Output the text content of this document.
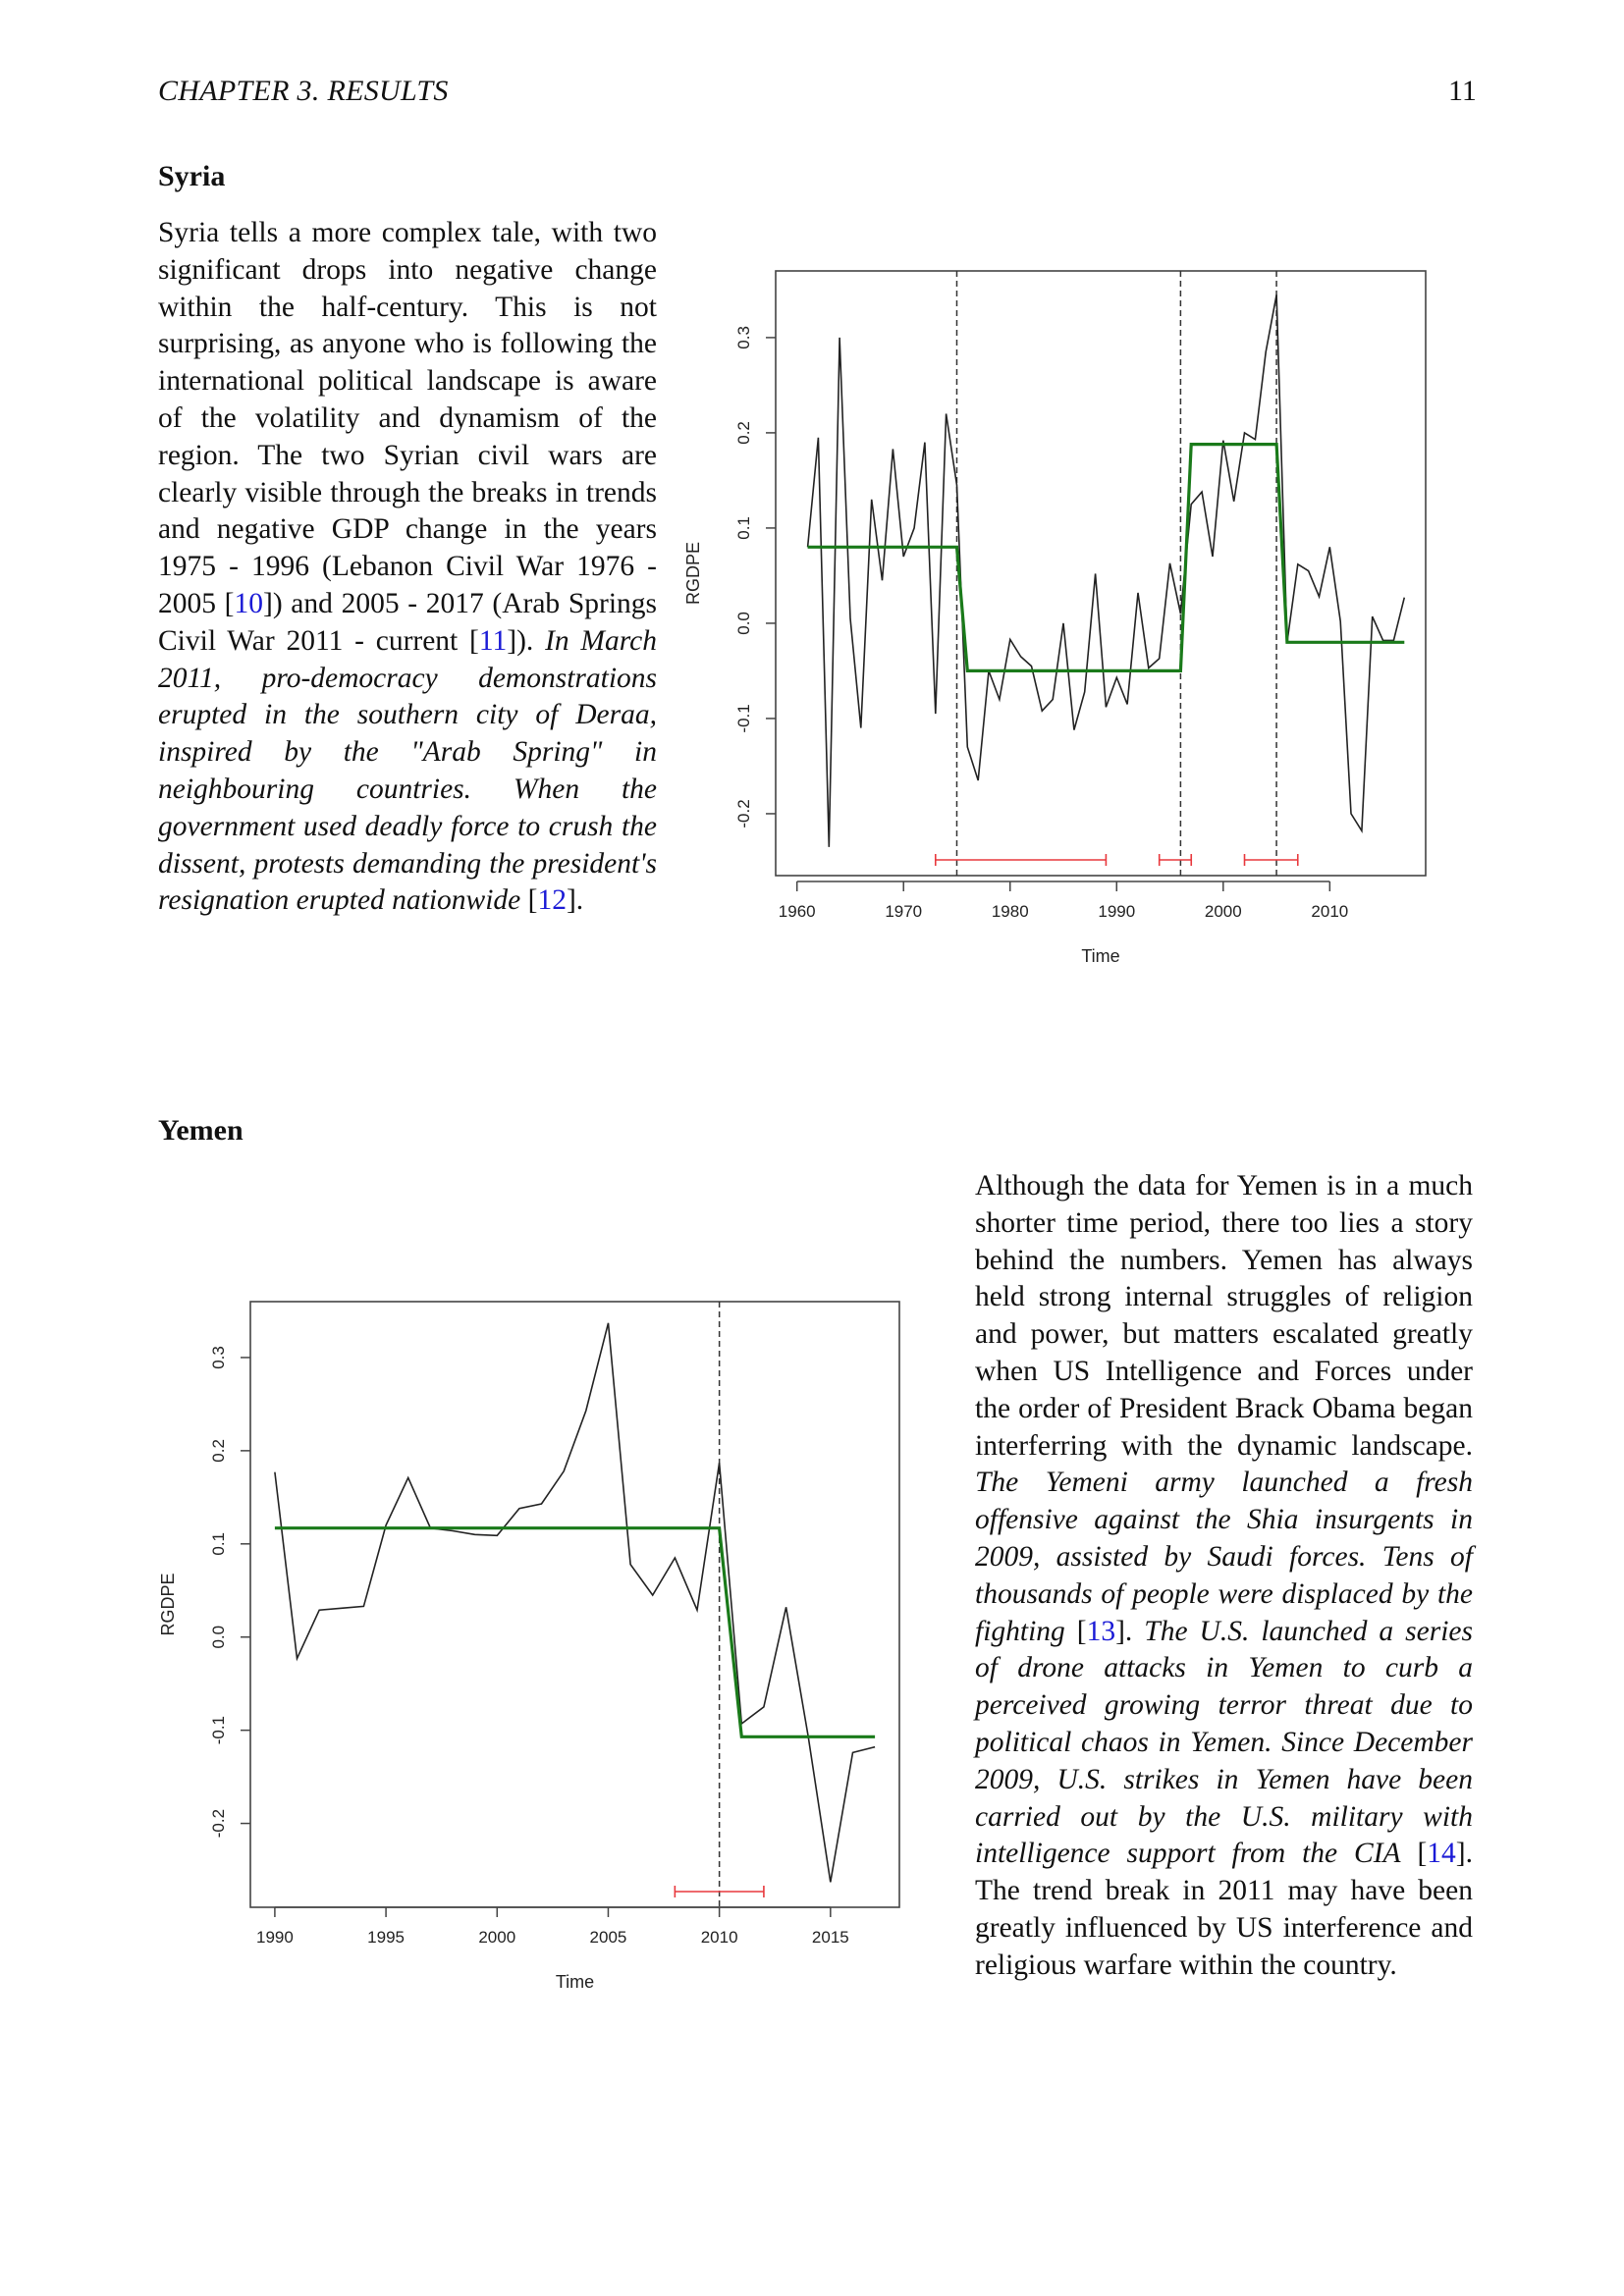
CHAPTER 3. RESULTS	11
Syria
Syria tells a more complex tale, with two significant drops into negative change within the half-century. This is not surprising, as anyone who is following the international political landscape is aware of the volatility and dynamism of the region. The two Syrian civil wars are clearly visible through the breaks in trends and negative GDP change in the years 1975 - 1996 (Lebanon Civil War 1976 - 2005 [10]) and 2005 - 2017 (Arab Springs Civil War 2011 - current [11]). In March 2011, pro-democracy demonstrations erupted in the southern city of Deraa, inspired by the "Arab Spring" in neighbouring countries. When the government used deadly force to crush the dissent, protests demanding the president's resignation erupted nationwide [12].
-0.2
-0.1
0.0
0.1
0.2
0.3
RGDPE
1960	1970	1980	1990	2000	2010
Time
Yemen
Although the data for Yemen is in a much shorter time period, there too lies a story behind the numbers. Yemen has always held strong internal struggles of religion and power, but matters escalated greatly when US Intelligence and Forces under the order of President Brack Obama began interferring with the dynamic landscape. The Yemeni army launched a fresh offensive against the Shia insurgents in 2009, assisted by Saudi forces. Tens of thousands of people were displaced by the fighting [13]. The U.S. launched a series of drone attacks in Yemen to curb a perceived growing terror threat due to political chaos in Yemen. Since December 2009, U.S. strikes in Yemen have been carried out by the U.S. military with intelligence support from the CIA [14]. The trend break in 2011 may have been greatly influenced by US interference and religious warfare within the country.
-0.2
-0.1
0.0
0.1
0.2
0.3
RGDPE
1990	1995	2000	2005	2010	2015
Time
